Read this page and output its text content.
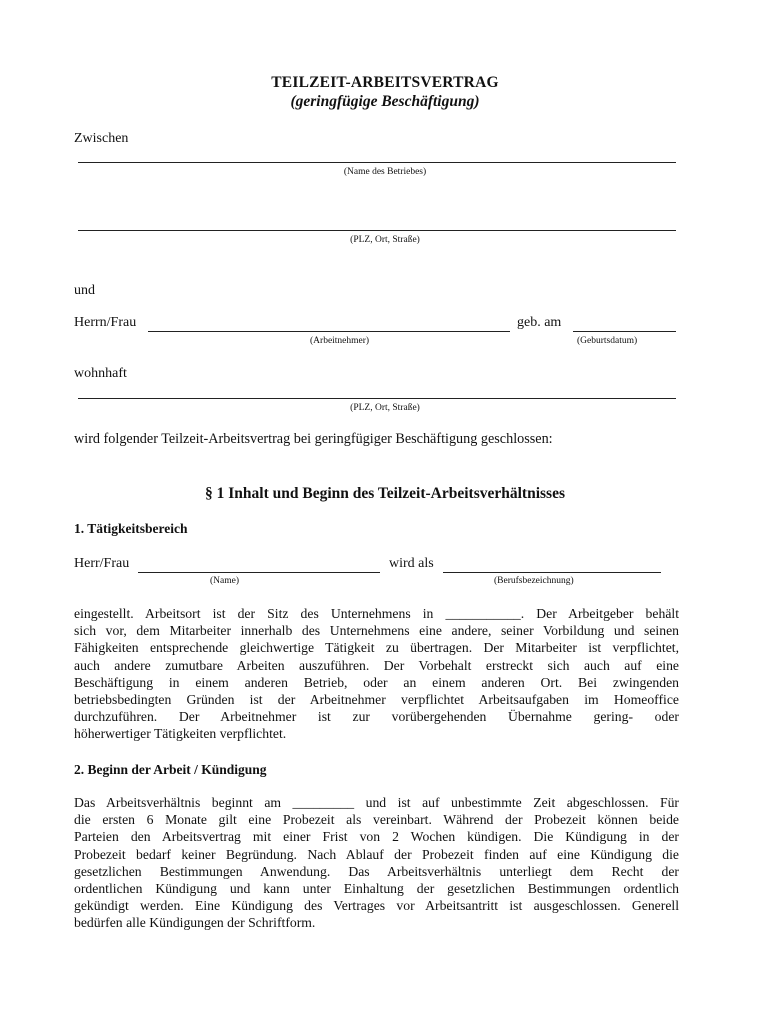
TEILZEIT-ARBEITSVERTRAG
(geringfügige Beschäftigung)
Zwischen
(Name des Betriebes)
(PLZ, Ort, Straße)
und
Herrn/Frau	geb. am
(Arbeitnehmer)	(Geburtsdatum)
wohnhaft
(PLZ, Ort, Straße)
wird folgender Teilzeit-Arbeitsvertrag bei geringfügiger Beschäftigung geschlossen:
§ 1 Inhalt und Beginn des Teilzeit-Arbeitsverhältnisses
1. Tätigkeitsbereich
Herr/Frau	wird als
(Name)	(Berufsbezeichnung)
eingestellt. Arbeitsort ist der Sitz des Unternehmens in ___________. Der Arbeitgeber behält
sich vor, dem Mitarbeiter innerhalb des Unternehmens eine andere, seiner Vorbildung und seinen
Fähigkeiten entsprechende gleichwertige Tätigkeit zu übertragen. Der Mitarbeiter ist verpflichtet,
auch andere zumutbare Arbeiten auszuführen. Der Vorbehalt erstreckt sich auch auf eine
Beschäftigung in einem anderen Betrieb, oder an einem anderen Ort. Bei zwingenden
betriebsbedingten Gründen ist der Arbeitnehmer verpflichtet Arbeitsaufgaben im Homeoffice
durchzuführen. Der Arbeitnehmer ist zur vorübergehenden Übernahme gering- oder
höherwertiger Tätigkeiten verpflichtet.
2. Beginn der Arbeit / Kündigung
Das Arbeitsverhältnis beginnt am _________ und ist auf unbestimmte Zeit abgeschlossen. Für
die ersten 6 Monate gilt eine Probezeit als vereinbart. Während der Probezeit können beide
Parteien den Arbeitsvertrag mit einer Frist von 2 Wochen kündigen. Die Kündigung in der
Probezeit bedarf keiner Begründung. Nach Ablauf der Probezeit finden auf eine Kündigung die
gesetzlichen Bestimmungen Anwendung. Das Arbeitsverhältnis unterliegt dem Recht der
ordentlichen Kündigung und kann unter Einhaltung der gesetzlichen Bestimmungen ordentlich
gekündigt werden. Eine Kündigung des Vertrages vor Arbeitsantritt ist ausgeschlossen. Generell
bedürfen alle Kündigungen der Schriftform.
